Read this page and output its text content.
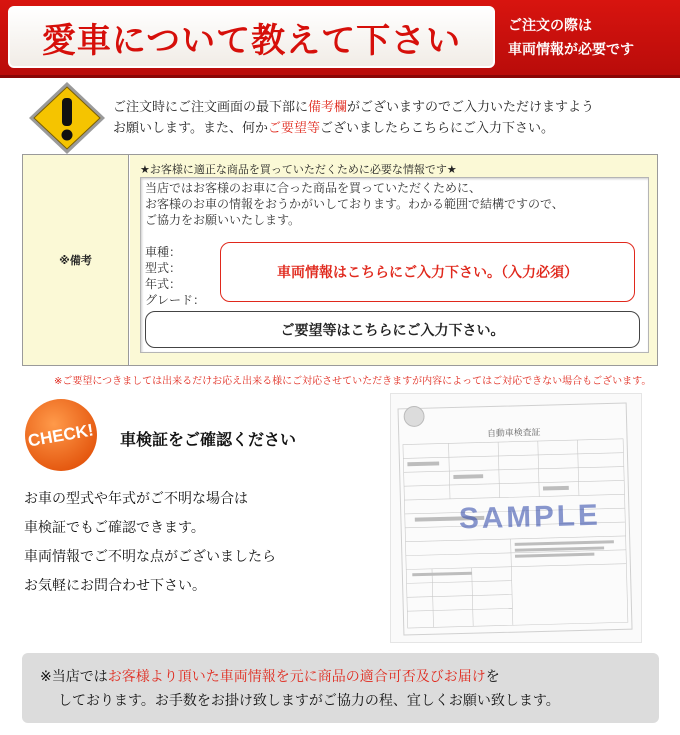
愛車について教えて下さい	ご注文の際は
車両情報が必要です
ご注文時にご注文画面の最下部に備考欄がございますのでご入力いただけますよう
お願いします。また、何かご要望等ございましたらこちらにご入力下さい。
※備考
★お客様に適正な商品を買っていただくために必要な情報です★
当店ではお客様のお車に合った商品を買っていただくために、
お客様のお車の情報をおうかがいしております。わかる範囲で結構ですので、
ご協力をお願いいたします。
車種：
型式：
年式：
グレード：
車両情報はこちらにご入力下さい。（入力必須）
ご要望等はこちらにご入力下さい。
※ご要望につきましては出来るだけお応え出来る様にご対応させていただきますが内容によってはご対応できない場合もございます。
CHECK! 車検証をご確認ください
お車の型式や年式がご不明な場合は
車検証でもご確認できます。
車両情報でご不明な点がございましたら
お気軽にお問合わせ下さい。
自動車検査証
SAMPLE
※当店ではお客様より頂いた車両情報を元に商品の適合可否及びお届けを
しております。お手数をお掛け致しますがご協力の程、宜しくお願い致します。
